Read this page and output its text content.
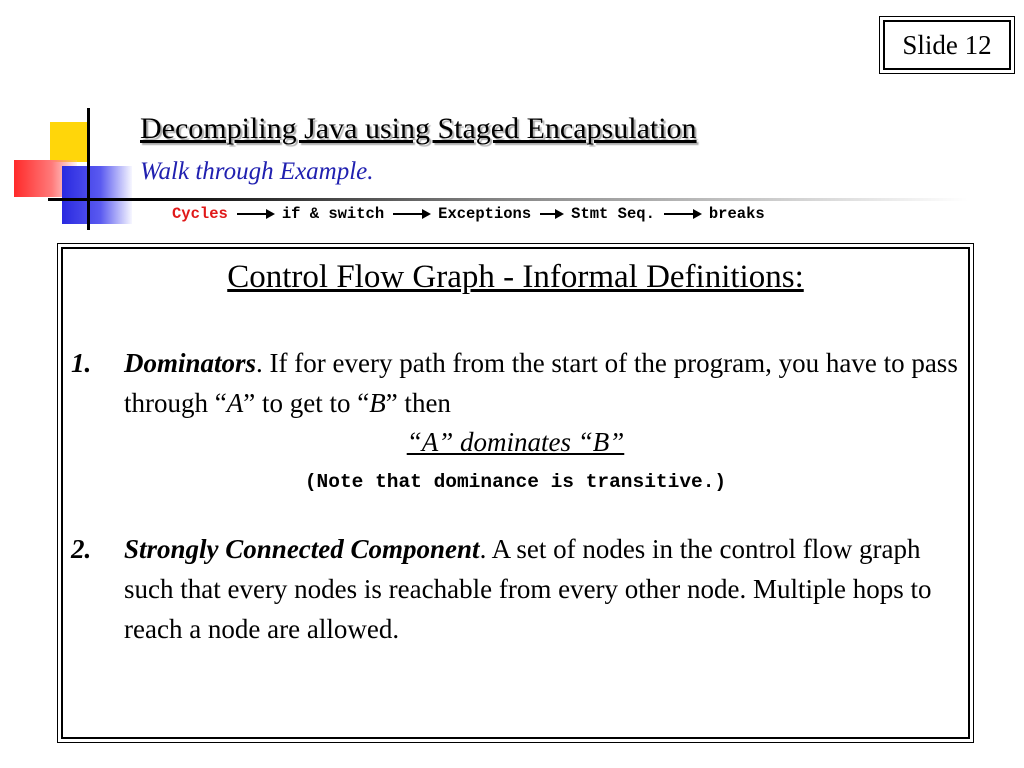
Slide 12
Decompiling Java using Staged Encapsulation
Walk through Example.
Cycles	if & switch	Exceptions	Stmt Seq.	breaks
Control Flow Graph - Informal Definitions:
1. Dominators. If for every path from the start of the program, you have to pass through “A” to get to “B” then
“A” dominates “B”
(Note that dominance is transitive.)
2. Strongly Connected Component. A set of nodes in the control flow graph such that every nodes is reachable from every other node. Multiple hops to reach a node are allowed.
